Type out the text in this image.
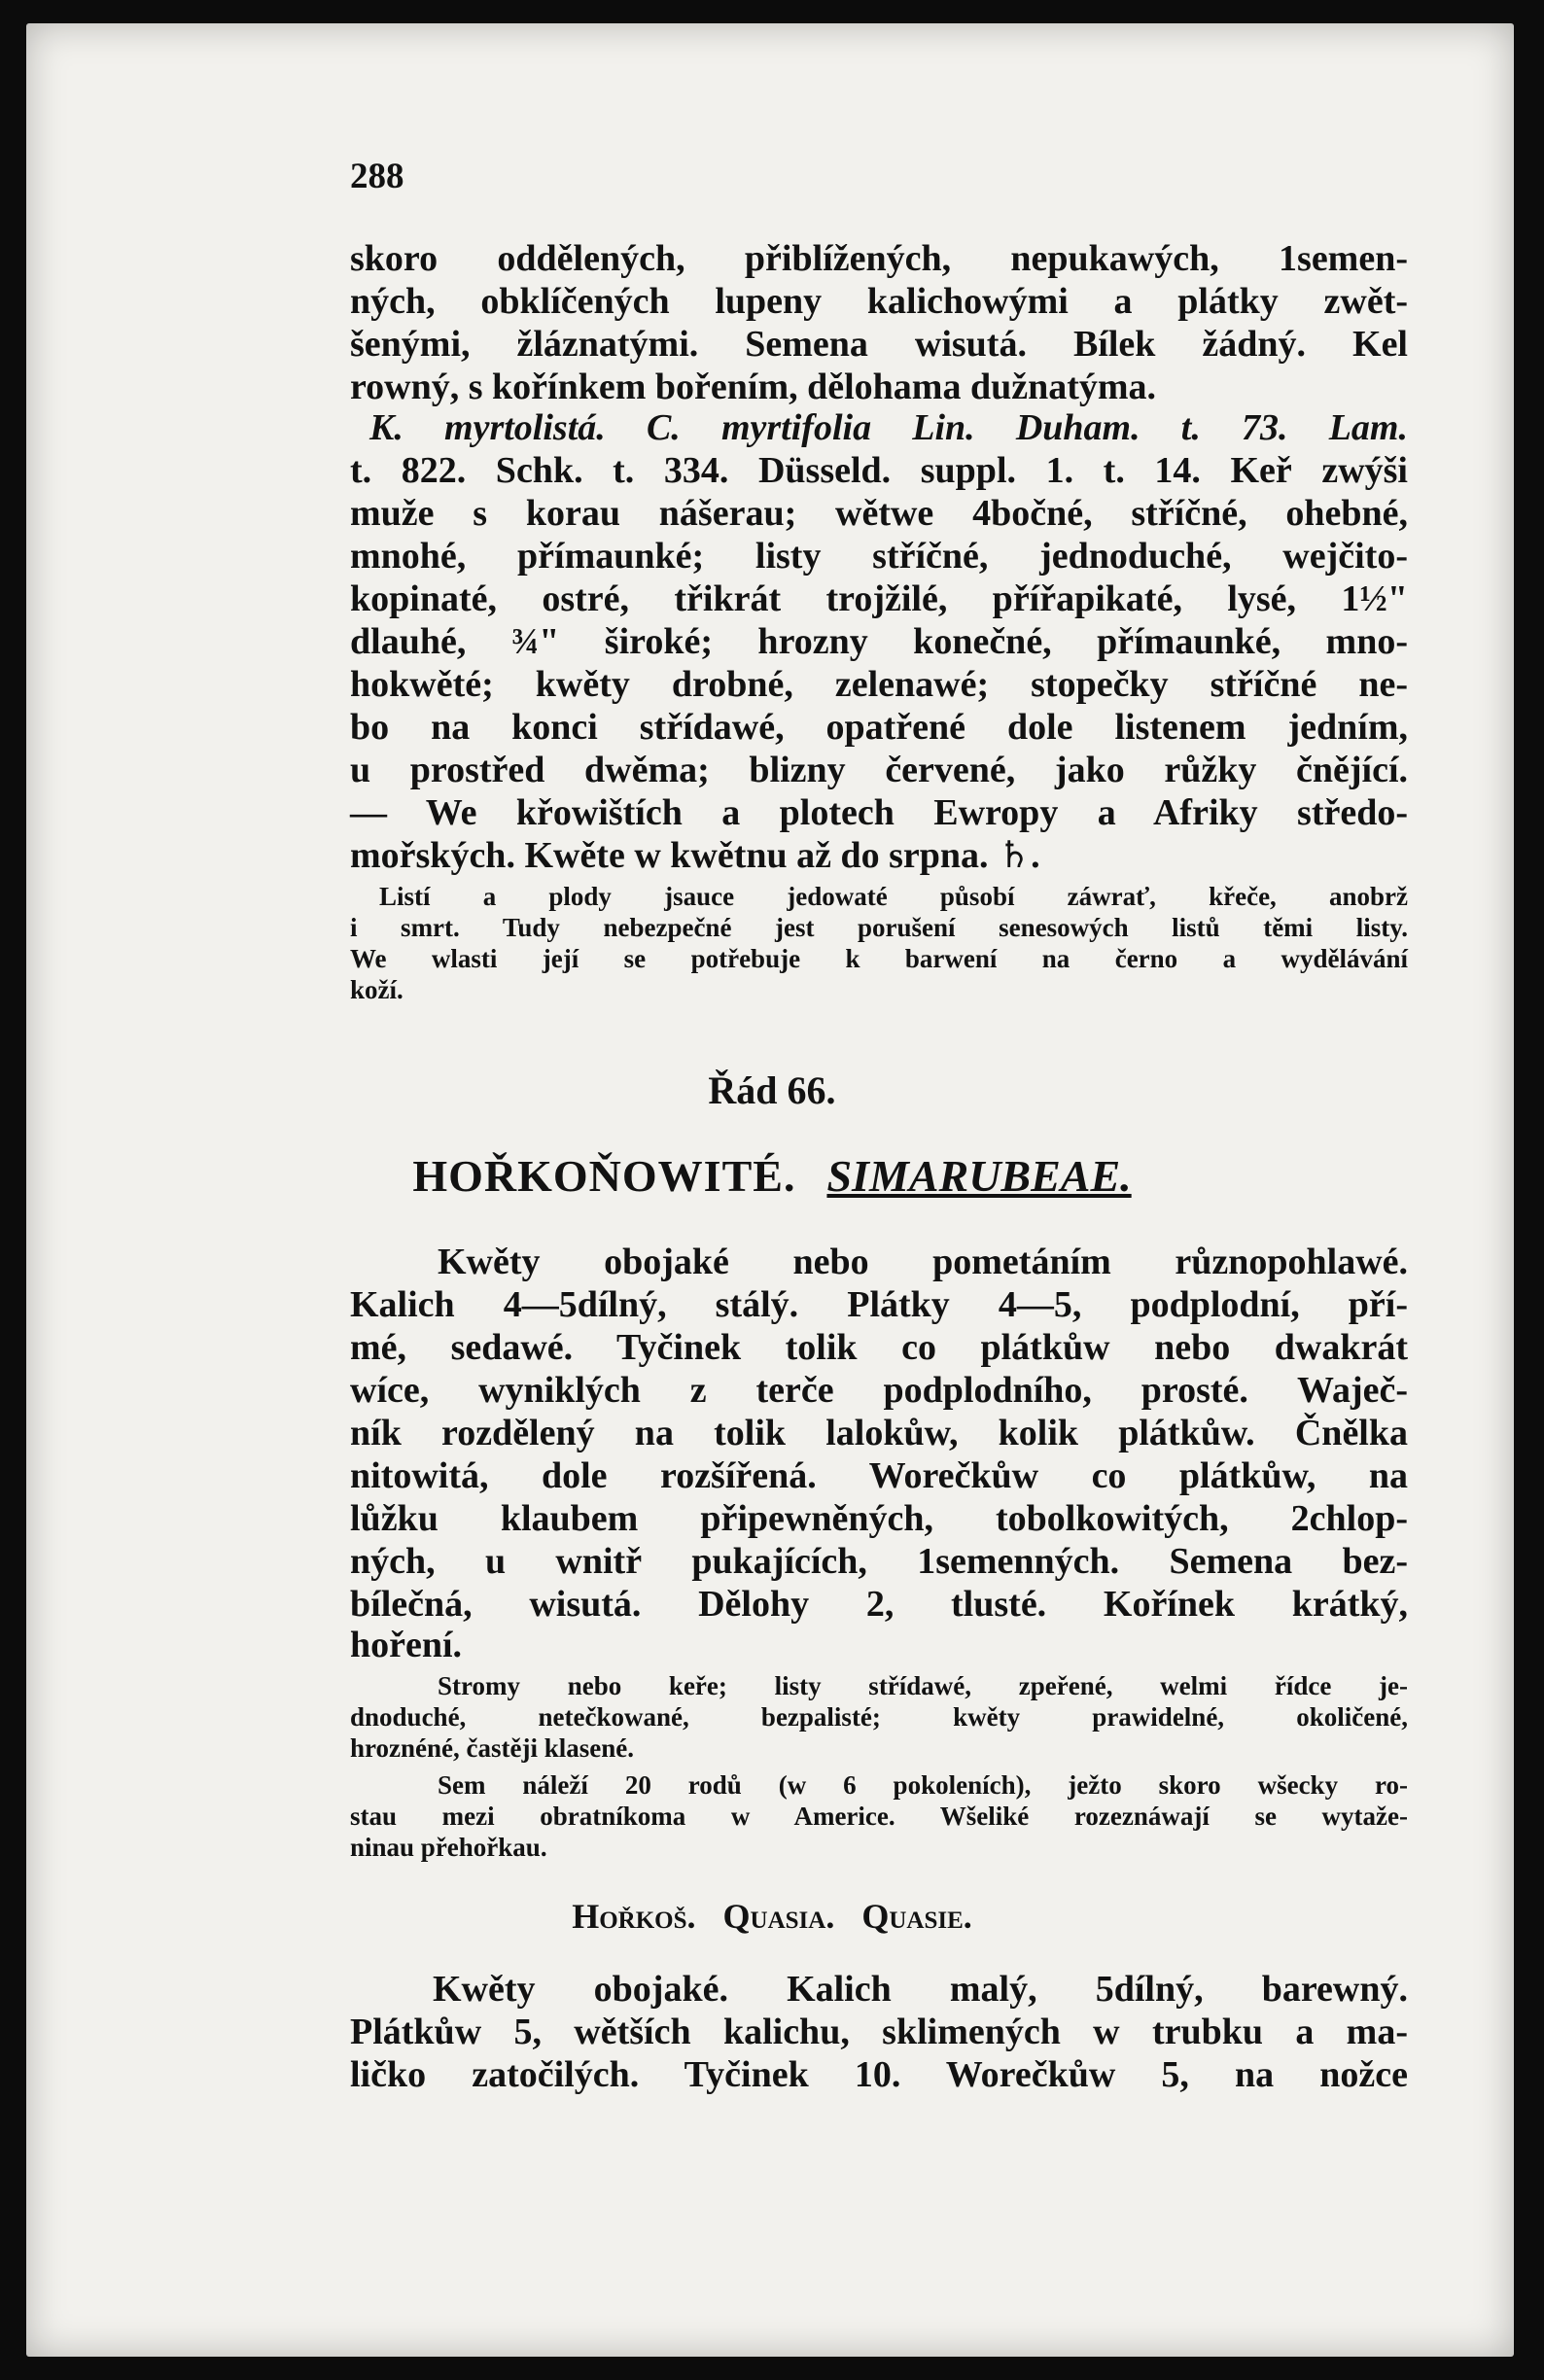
288
skoro oddělených, přiblížených, nepukawých, 1semen-
ných, obklíčených lupeny kalichowými a plátky zwět-
šenými, žláznatými. Semena wisutá. Bílek žádný. Kel
rowný, s kořínkem bořením, dělohama dužnatýma.
K. myrtolistá. C. myrtifolia Lin. Duham. t. 73. Lam.
t. 822. Schk. t. 334. Düsseld. suppl. 1. t. 14. Keř zwýši
muže s korau nášerau; wětwe 4bočné, stříčné, ohebné,
mnohé, přímaunké; listy stříčné, jednoduché, wejčito-
kopinaté, ostré, třikrát trojžilé, přířapikaté, lysé, 1½"
dlauhé, ¾" široké; hrozny konečné, přímaunké, mno-
hokwěté; kwěty drobné, zelenawé; stopečky stříčné ne-
bo na konci střídawé, opatřené dole listenem jedním,
u prostřed dwěma; blizny červené, jako růžky čnějící.
— We křowištích a plotech Ewropy a Afriky středo-
mořských. Kwěte w kwětnu až do srpna. ♄.
Listí a plody jsauce jedowaté působí záwrať, křeče, anobrž
i smrt. Tudy nebezpečné jest porušení senesowých listů těmi listy.
We wlasti její se potřebuje k barwení na černo a wydělávání
koží.
Řád 66.
HOŘKOŇOWITÉ. SIMARUBEAE.
Kwěty obojaké nebo pometáním různopohlawé.
Kalich 4—5dílný, stálý. Plátky 4—5, podplodní, pří-
mé, sedawé. Tyčinek tolik co plátkůw nebo dwakrát
wíce, wyniklých z terče podplodního, prosté. Waječ-
ník rozdělený na tolik lalokůw, kolik plátkůw. Čnělka
nitowitá, dole rozšířená. Worečkůw co plátkůw, na
lůžku klaubem připewněných, tobolkowitých, 2chlop-
ných, u wnitř pukajících, 1semenných. Semena bez-
bílečná, wisutá. Dělohy 2, tlusté. Kořínek krátký,
hoření.
Stromy nebo keře; listy střídawé, zpeřené, welmi řídce je-
dnoduché, netečkowané, bezpalisté; kwěty prawidelné, okoličené,
hroznéné, častěji klasené.
Sem náleží 20 rodů (w 6 pokoleních), ježto skoro wšecky ro-
stau mezi obratníkoma w Americe. Wšeliké rozeznáwají se wytaže-
ninau přehořkau.
Hořkoš. Quasia. Quasie.
Kwěty obojaké. Kalich malý, 5dílný, barewný.
Plátkůw 5, wětších kalichu, sklimených w trubku a ma-
ličko zatočilých. Tyčinek 10. Worečkůw 5, na nožce
